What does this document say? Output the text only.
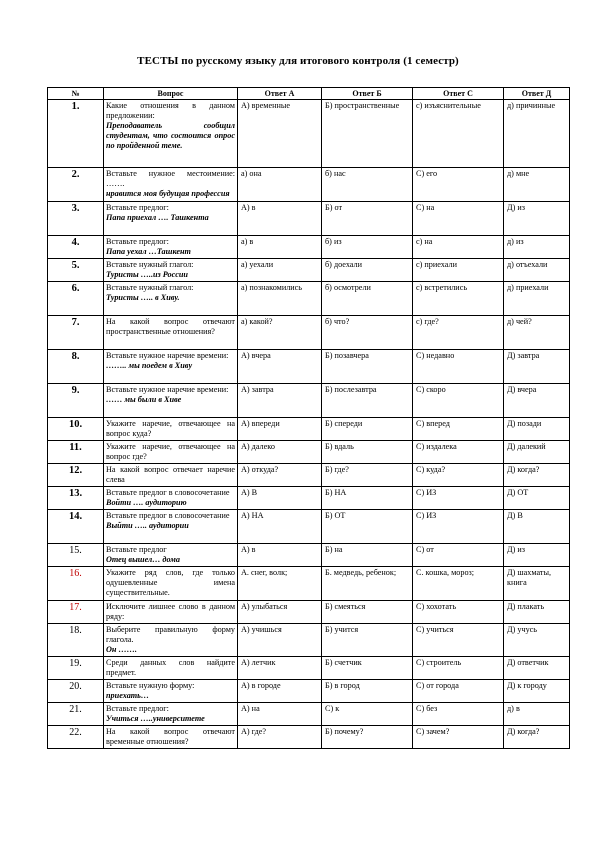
ТЕСТЫ по русскому языку для итогового контроля (1 семестр)
№	Вопрос	Ответ А	Ответ Б	Ответ С	Ответ Д
1.	Какие отношения в данном предложении:
Преподаватель сообщил студентам, что состоится опрос по пройденной теме.	А) временные	Б) пространственные	с) изъяснительные	д) причинные
2.	Вставьте нужное местоимение: …….
нравится моя будущая профессия	а) она	б) нас	С) его	д) мне
3.	Вставьте предлог:
Папа приехал …. Ташкента	А) в	Б) от	С) на	Д) из
4.	Вставьте предлог:
Папа уехал …Ташкент	а) в	б) из	с) на	д) из
5.	Вставьте нужный глагол:
Туристы …..из России	а) уехали	б) доехали	с) приехали	д) отъехали
6.	Вставьте нужный глагол:
Туристы ….. в Хиву.	а) познакомились	б) осмотрели	с) встретились	д) приехали
7.	На какой вопрос отвечают пространственные отношения?	а) какой?	б) что?	с) где?	д) чей?
8.	Вставьте нужное наречие времени:
…….. мы поедем в Хиву	А) вчера	Б) позавчера	С) недавно	Д) завтра
9.	Вставьте нужное наречие времени:
…… мы были в Хиве	А) завтра	Б) послезавтра	С) скоро	Д) вчера
10.	Укажите наречие, отвечающее на вопрос куда?	А) впереди	Б) спереди	С) вперед	Д) позади
11.	Укажите наречие, отвечающее на вопрос где?	А) далеко	Б) вдаль	С) издалека	Д) далекий
12.	На какой вопрос отвечает наречие слева	А) откуда?	Б) где?	С) куда?	Д) когда?
13.	Вставьте предлог в словосочетание
Войти …. аудиторию	А) В	Б) НА	С) ИЗ	Д) ОТ
14.	Вставьте предлог в словосочетание
Выйти ….. аудитории	А) НА	Б) ОТ	С) ИЗ	Д) В
15.	Вставьте предлог
Отец вышел… дома	А) в	Б) на	С) от	Д) из
16.	Укажите ряд слов, где только одушевленные имена существительные.	А. снег, волк;	Б. медведь, ребенок;	С. кошка, мороз;	Д) шахматы, книга
17.	Исключите лишнее слово в данном ряду:	А) улыбаться	Б) смеяться	С) хохотать	Д) плакать
18.	Выберите правильную форму глагола.
Он …….	А) учишься	Б) учится	С) учиться	Д) учусь
19.	Среди данных слов найдите предмет.	А) летчик	Б) счетчик	С) строитель	Д) ответчик
20.	Вставьте нужную форму:
приехать…	А) в городе	Б) в город	С) от города	Д) к городу
21.	Вставьте предлог:
Учиться …..университете	А) на	С) к	С) без	д) в
22.	На какой вопрос отвечают временные отношения?	А) где?	Б) почему?	С) зачем?	Д) когда?
